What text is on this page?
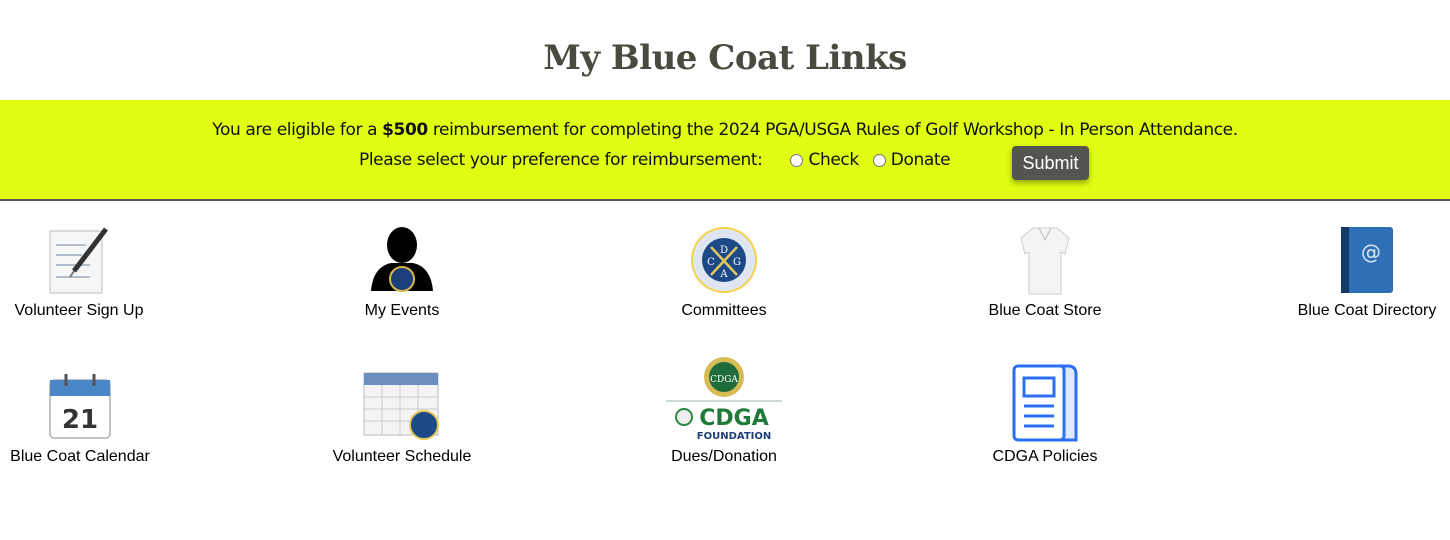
My Blue Coat Links
You are eligible for a $500 reimbursement for completing the 2024 PGA/USGA Rules of Golf Workshop - In Person Attendance.
Please select your preference for reimbursement:	Check Donate	Submit
Volunteer Sign Up	My Events
D
A
C G
Committees	Blue Coat Store
@
Blue Coat Directory
21
Blue Coat Calendar	Volunteer Schedule
CDGA
CDGA
FOUNDATION
Dues/Donation	CDGA Policies
